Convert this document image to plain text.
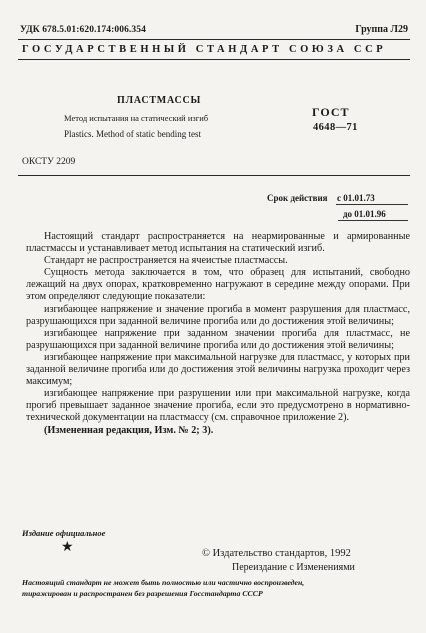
УДК 678.5.01:620.174:006.354	Группа Л29
ГОСУДАРСТВЕННЫЙ СТАНДАРТ СОЮЗА ССР
ПЛАСТМАССЫ
Метод испытания на статический изгиб
Plastics. Method of static bending test
ГОСТ
4648—71
ОКСТУ 2209
Срок действия с 01.01.73
до 01.01.96

Настоящий стандарт распространяется на неармированные и армированные пластмассы и устанавливает метод испытания на статический изгиб.

Стандарт не распространяется на ячеистые пластмассы.

Сущность метода заключается в том, что образец для испытаний, свободно лежащий на двух опорах, кратковременно нагружают в середине между опорами. При этом определяют следующие показатели:

изгибающее напряжение и значение прогиба в момент разрушения для пластмасс, разрушающихся при заданной величине прогиба или до достижения этой величины;

изгибающее напряжение при заданном значении прогиба для пластмасс, не разрушающихся при заданной величине прогиба или до достижения этой величины;

изгибающее напряжение при максимальной нагрузке для пластмасс, у которых при заданной величине прогиба или до достижения этой величины нагрузка проходит через максимум;

изгибающее напряжение при разрушении или при максимальной нагрузке, когда прогиб превышает заданное значение прогиба, если это предусмотрено в нормативно-технической документации на пластмассу (см. справочное приложение 2).

(Измененная редакция, Изм. № 2; 3).

Издание официальное
★	© Издательство стандартов, 1992
Переиздание с Изменениями
Настоящий стандарт не может быть полностью или частично воспроизведен,
тиражирован и распространен без разрешения Госстандарта СССР
